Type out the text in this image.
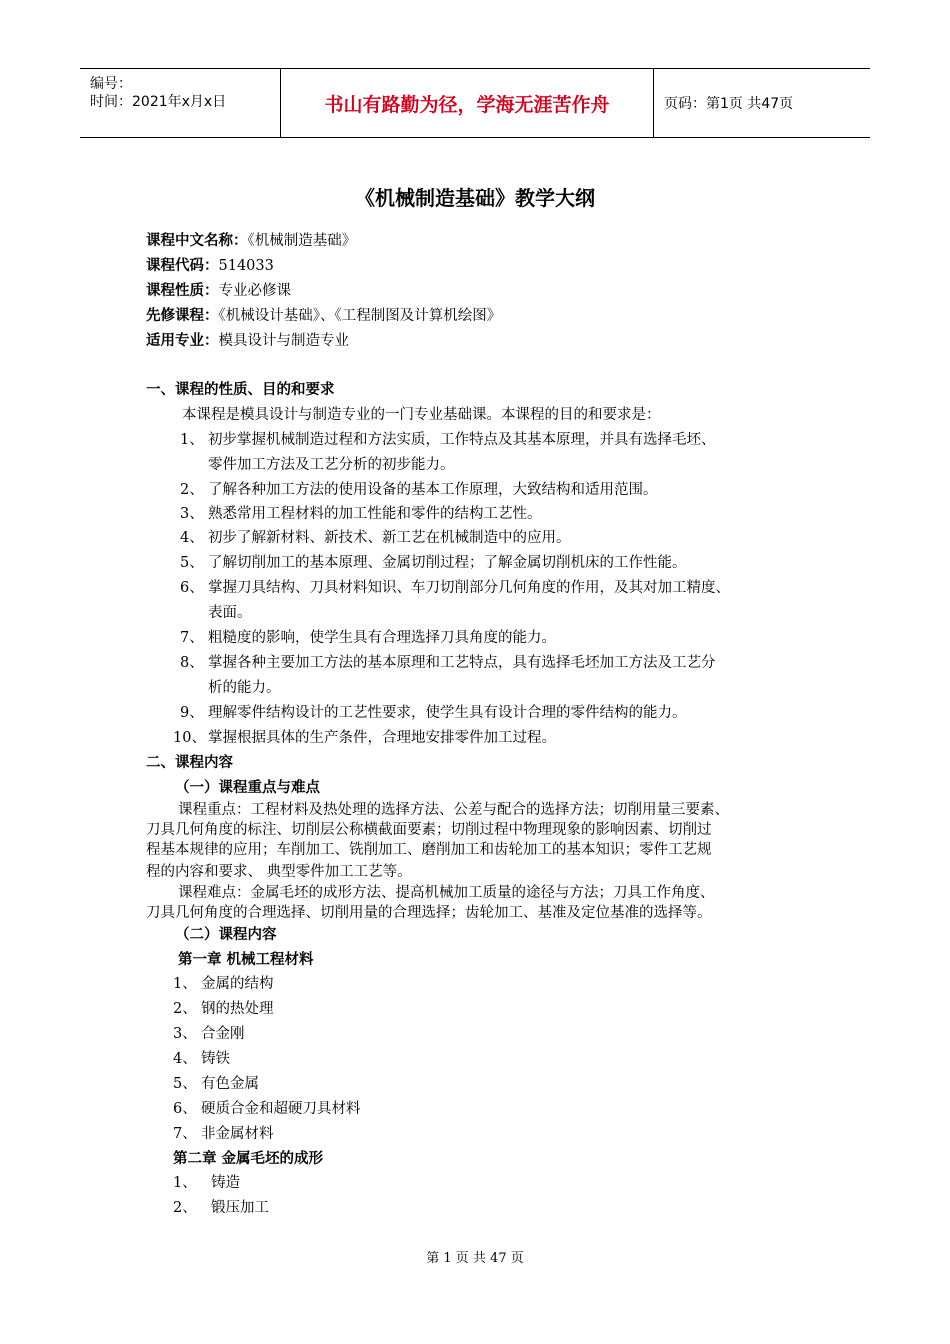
编号：
时间：2021年x月x日	书山有路勤为径，学海无涯苦作舟	页码：第1页 共47页
《机械制造基础》教学大纲
课程中文名称：《机械制造基础》
课程代码：514033
课程性质：专业必修课
先修课程：《机械设计基础》、《工程制图及计算机绘图》
适用专业：模具设计与制造专业
一、课程的性质、目的和要求
本课程是模具设计与制造专业的一门专业基础课。本课程的目的和要求是：
1、 初步掌握机械制造过程和方法实质，工作特点及其基本原理，并具有选择毛坯、
零件加工方法及工艺分析的初步能力。
2、 了解各种加工方法的使用设备的基本工作原理，大致结构和适用范围。
3、 熟悉常用工程材料的加工性能和零件的结构工艺性。
4、 初步了解新材料、新技术、新工艺在机械制造中的应用。
5、 了解切削加工的基本原理、金属切削过程；了解金属切削机床的工作性能。
6、 掌握刀具结构、刀具材料知识、车刀切削部分几何角度的作用，及其对加工精度、
表面。
7、 粗糙度的影响，使学生具有合理选择刀具角度的能力。
8、 掌握各种主要加工方法的基本原理和工艺特点，具有选择毛坯加工方法及工艺分
析的能力。
9、 理解零件结构设计的工艺性要求，使学生具有设计合理的零件结构的能力。
10、 掌握根据具体的生产条件，合理地安排零件加工过程。
二、课程内容
（一）课程重点与难点
课程重点：工程材料及热处理的选择方法、公差与配合的选择方法；切削用量三要素、
刀具几何角度的标注、切削层公称横截面要素；切削过程中物理现象的影响因素、切削过
程基本规律的应用；车削加工、铣削加工、磨削加工和齿轮加工的基本知识；零件工艺规
程的内容和要求、 典型零件加工工艺等。
课程难点：金属毛坯的成形方法、提高机械加工质量的途径与方法；刀具工作角度、
刀具几何角度的合理选择、切削用量的合理选择；齿轮加工、基准及定位基准的选择等。
（二）课程内容
第一章 机械工程材料
1、 金属的结构
2、 钢的热处理
3、 合金刚
4、 铸铁
5、 有色金属
6、 硬质合金和超硬刀具材料
7、 非金属材料
第二章 金属毛坯的成形
1、 铸造
2、 锻压加工
第 1 页 共 47 页
